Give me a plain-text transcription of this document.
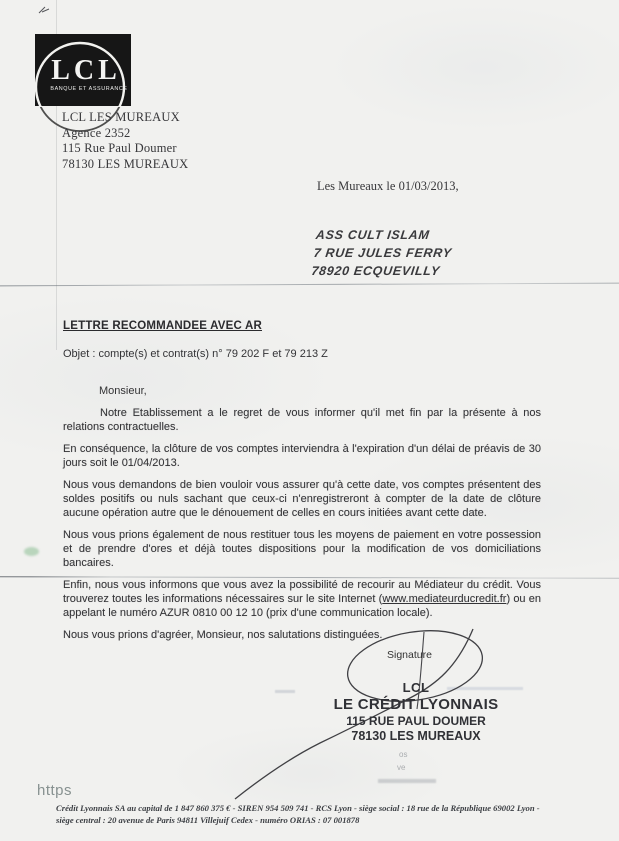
LCL
BANQUE ET ASSURANCE
LCL LES MUREAUX
Agence 2352
115 Rue Paul Doumer
78130 LES MUREAUX
Les Mureaux le 01/03/2013,
ASS CULT ISLAM
7 RUE JULES FERRY
78920 ECQUEVILLY
LETTRE RECOMMANDEE AVEC AR
Objet : compte(s) et contrat(s) n° 79 202 F et 79 213 Z
Monsieur,

Notre Etablissement a le regret de vous informer qu'il met fin par la présente à nos relations contractuelles.

En conséquence, la clôture de vos comptes interviendra à l'expiration d'un délai de préavis de 30 jours soit le 01/04/2013.

Nous vous demandons de bien vouloir vous assurer qu'à cette date, vos comptes présentent des soldes positifs ou nuls sachant que ceux-ci n'enregistreront à compter de la date de clôture aucune opération autre que le dénouement de celles en cours initiées avant cette date.

Nous vous prions également de nous restituer tous les moyens de paiement en votre possession et de prendre d'ores et déjà toutes dispositions pour la modification de vos domiciliations bancaires.

Enfin, nous vous informons que vous avez la possibilité de recourir au Médiateur du crédit. Vous trouverez toutes les informations nécessaires sur le site Internet (www.mediateurducredit.fr) ou en appelant le numéro AZUR 0810 00 12 10 (prix d'une communication locale).

Nous vous prions d'agréer, Monsieur, nos salutations distinguées.

Signature
LCL
LE CRÉDIT LYONNAIS
115 RUE PAUL DOUMER
78130 LES MUREAUX
os
ve
https
Crédit Lyonnais SA au capital de 1 847 860 375 € - SIREN 954 509 741 - RCS Lyon - siège social : 18 rue de la République 69002 Lyon -
siège central : 20 avenue de Paris 94811 Villejuif Cedex - numéro ORIAS : 07 001878
